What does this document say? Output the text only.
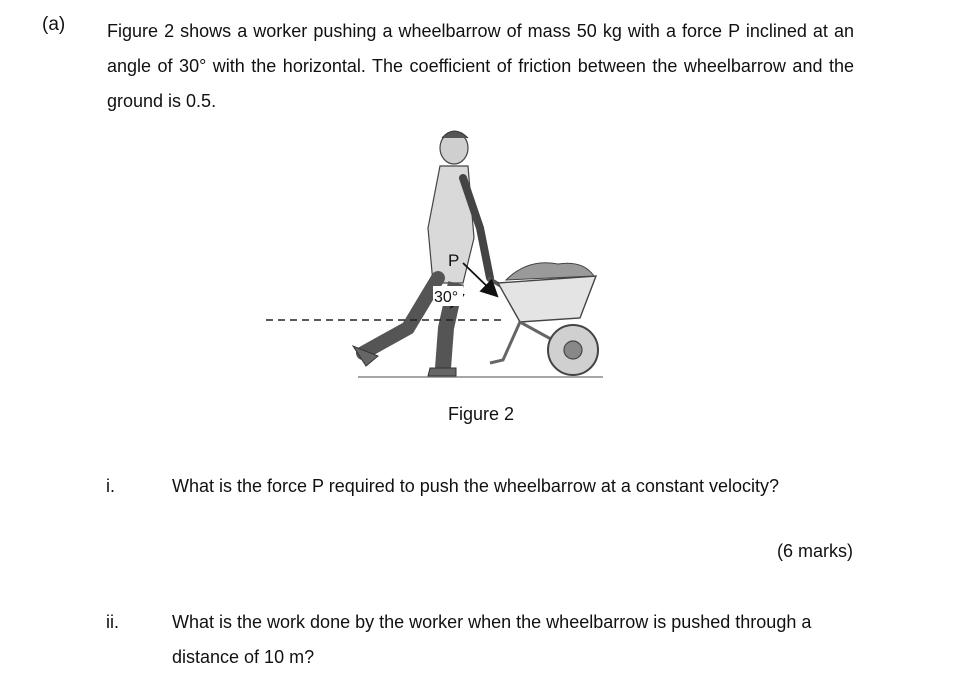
(a) Figure 2 shows a worker pushing a wheelbarrow of mass 50 kg with a force P inclined at an angle of 30° with the horizontal. The coefficient of friction between the wheelbarrow and the ground is 0.5.
P
30°
Figure 2
i.	What is the force P required to push the wheelbarrow at a constant velocity?
(6 marks)
ii.	What is the work done by the worker when the wheelbarrow is pushed through a distance of 10 m?
